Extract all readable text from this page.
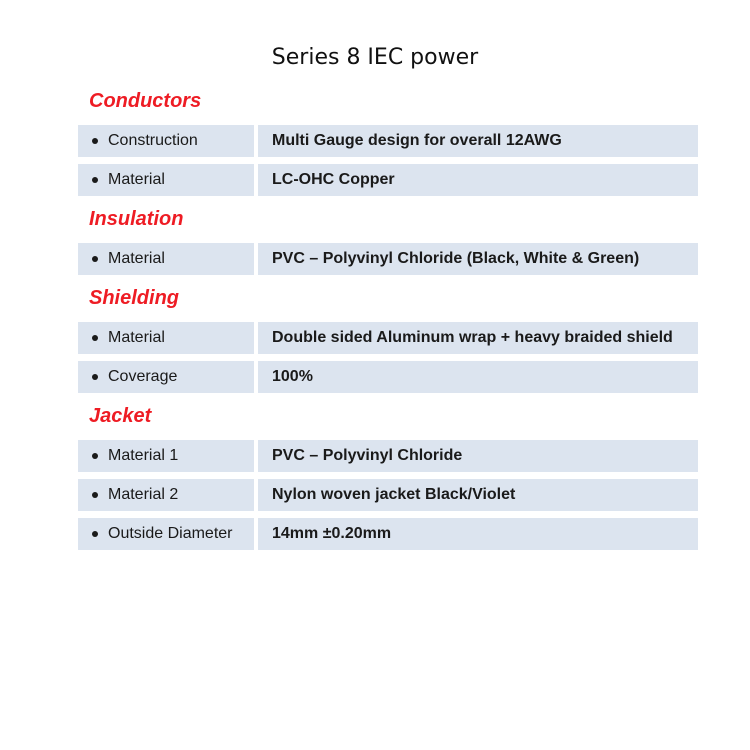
Series 8 IEC power
Conductors
Construction	Multi Gauge design for overall 12AWG
Material	LC-OHC Copper
Insulation
Material	PVC – Polyvinyl Chloride (Black, White & Green)
Shielding
Material	Double sided Aluminum wrap + heavy braided shield
Coverage	100%
Jacket
Material 1	PVC – Polyvinyl Chloride
Material 2	Nylon woven jacket Black/Violet
Outside Diameter	14mm ±0.20mm
